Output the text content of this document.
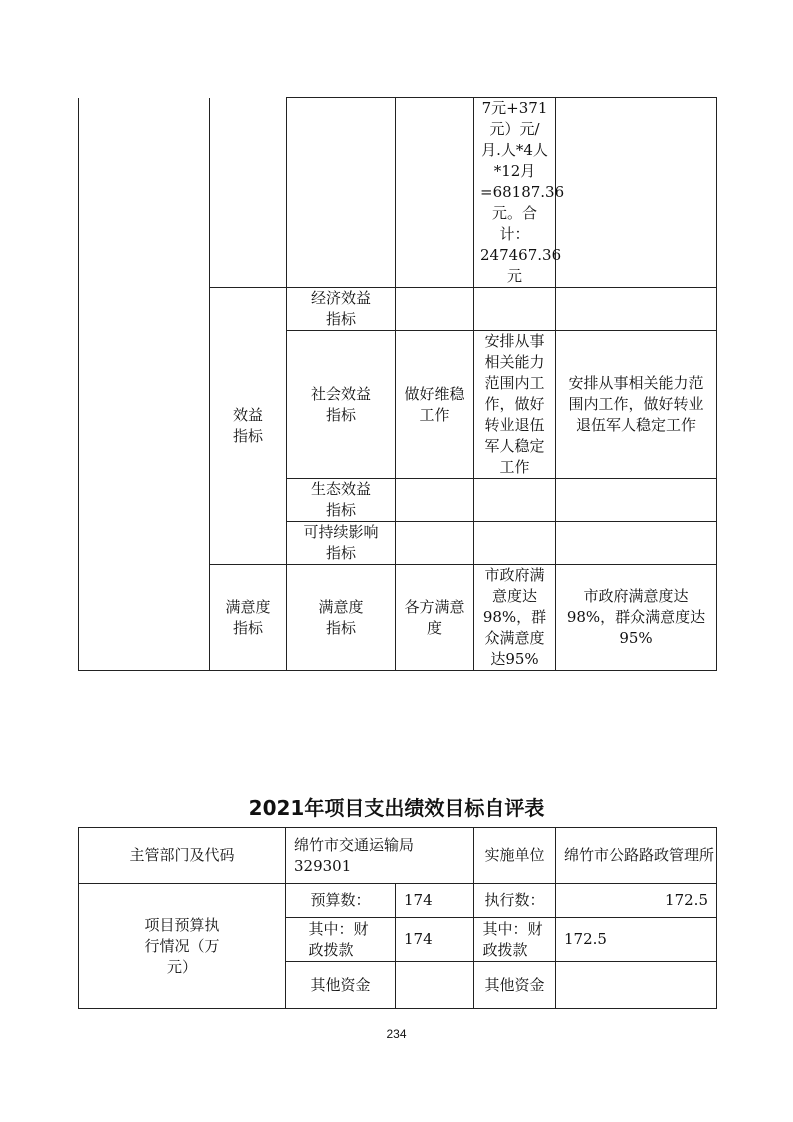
				7元+371元）元/月.人*4人*12月=68187.36元。合计：247467.36元	

	效益指标	经济效益指标			

		社会效益指标	做好维稳工作	安排从事相关能力范围内工作，做好转业退伍军人稳定工作	安排从事相关能力范围内工作，做好转业退伍军人稳定工作

		生态效益指标			

		可持续影响指标			

	满意度指标	满意度指标	各方满意度	市政府满意度达98%，群众满意度达95%	市政府满意度达98%，群众满意度达95%
2021年项目支出绩效目标自评表
主管部门及代码	绵竹市交通运输局 329301		实施单位	绵竹市公路路政管理所

项目预算执行情况（万元）	预算数：	174	执行数：	172.5

	其中：财政拨款	174	其中：财政拨款	172.5
	其他资金		其他资金	
234
